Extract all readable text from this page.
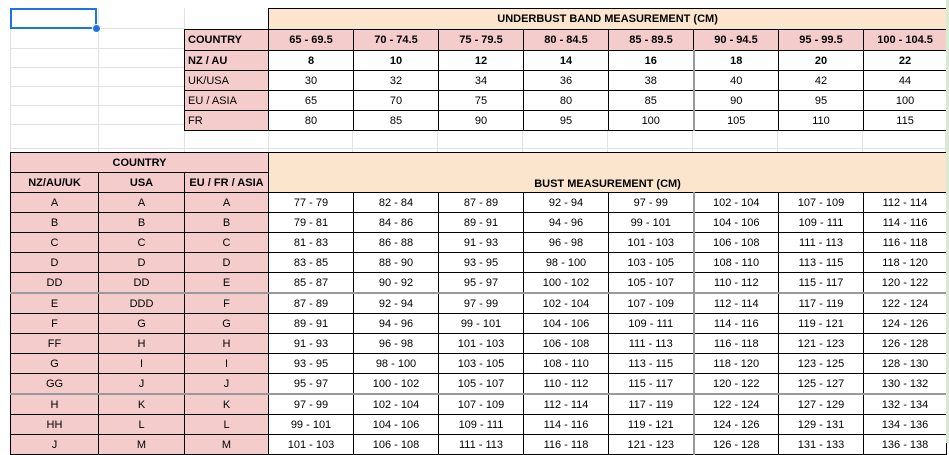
	UNDERBUST BAND MEASUREMENT (CM)							
COUNTRY	65 - 69.5	70 - 74.5	75 - 79.5	80 - 84.5	85 - 89.5	90 - 94.5	95 - 99.5	100 - 104.5
NZ / AU	8	10	12	14	16	18	20	22
UK/USA	30	32	34	36	38	40	42	44
EU / ASIA	65	70	75	80	85	90	95	100
FR	80	85	90	95	100	105	110	115
COUNTRY			BUST MEASUREMENT (CM)							
NZ/AU/UK	USA	EU / FR / ASIA								
A	A	A	77 - 79	82 - 84	87 - 89	92 - 94	97 - 99	102 - 104	107 - 109	112 - 114
B	B	B	79 - 81	84 - 86	89 - 91	94 - 96	99 - 101	104 - 106	109 - 111	114 - 116
C	C	C	81 - 83	86 - 88	91 - 93	96 - 98	101 - 103	106 - 108	111 - 113	116 - 118
D	D	D	83 - 85	88 - 90	93 - 95	98 - 100	103 - 105	108 - 110	113 - 115	118 - 120
DD	DD	E	85 - 87	90 - 92	95 - 97	100 - 102	105 - 107	110 - 112	115 - 117	120 - 122
E	DDD	F	87 - 89	92 - 94	97 - 99	102 - 104	107 - 109	112 - 114	117 - 119	122 - 124
F	G	G	89 - 91	94 - 96	99 - 101	104 - 106	109 - 111	114 - 116	119 - 121	124 - 126
FF	H	H	91 - 93	96 - 98	101 - 103	106 - 108	111 - 113	116 - 118	121 - 123	126 - 128
G	I	I	93 - 95	98 - 100	103 - 105	108 - 110	113 - 115	118 - 120	123 - 125	128 - 130
GG	J	J	95 - 97	100 - 102	105 - 107	110 - 112	115 - 117	120 - 122	125 - 127	130 - 132
H	K	K	97 - 99	102 - 104	107 - 109	112 - 114	117 - 119	122 - 124	127 - 129	132 - 134
HH	L	L	99 - 101	104 - 106	109 - 111	114 - 116	119 - 121	124 - 126	129 - 131	134 - 136
J	M	M	101 - 103	106 - 108	111 - 113	116 - 118	121 - 123	126 - 128	131 - 133	136 - 138
